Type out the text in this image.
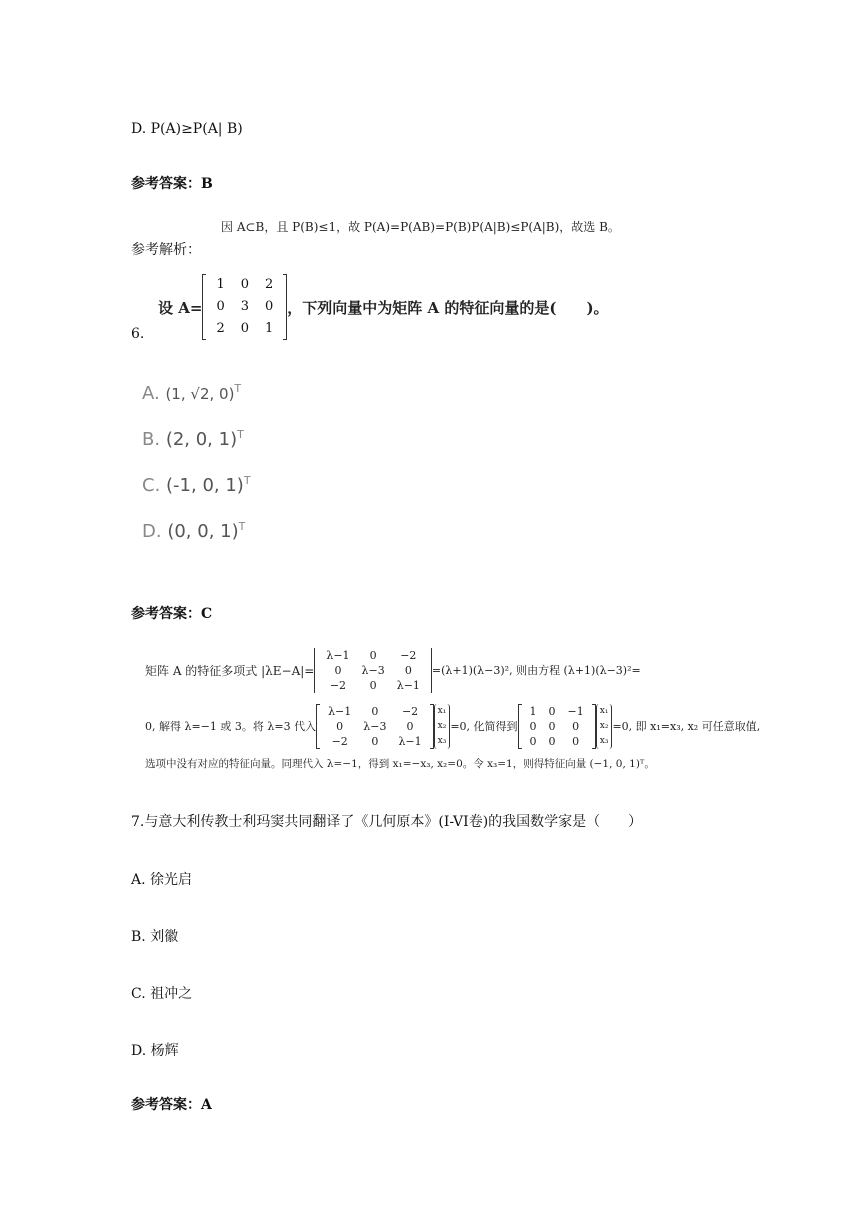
D. P(A)≥P(A| B)
参考答案：B
因 A⊂B，且 P(B)≤1，故 P(A)=P(AB)=P(B)P(A|B)≤P(A|B)，故选 B。
参考解析：
6.
设 A=
1	0	2
0	3	0
2	0	1
，下列向量中为矩阵 A 的特征向量的是(　　)。
A. (1, √2, 0)$^T$
B. (2, 0, 1)$^T$
C. (-1, 0, 1)$^T$
D. (0, 0, 1)$^T$
参考答案：C
矩阵 A 的特征多项式 |λE−A|=
λ−1	0	−2
0	λ−3	0
−2	0	λ−1
=(λ+1)(λ−3)², 则由方程 (λ+1)(λ−3)²=
0, 解得 λ=−1 或 3。将 λ=3 代入
λ−1	0	−2
0	λ−3	0
−2	0	λ−1
x₁
x₂
x₃
=0, 化简得到
1	0	−1
0	0	0
0	0	0
x₁
x₂
x₃
=0, 即 x₁=x₃, x₂ 可任意取值,
选项中没有对应的特征向量。同理代入 λ=−1，得到 x₁=−x₃, x₂=0。令 x₃=1，则得特征向量 (−1, 0, 1)ᵀ。
7.与意大利传教士利玛窦共同翻译了《几何原本》(I-VI卷)的我国数学家是（　　）
A. 徐光启
B. 刘徽
C. 祖冲之
D. 杨辉
参考答案：A
